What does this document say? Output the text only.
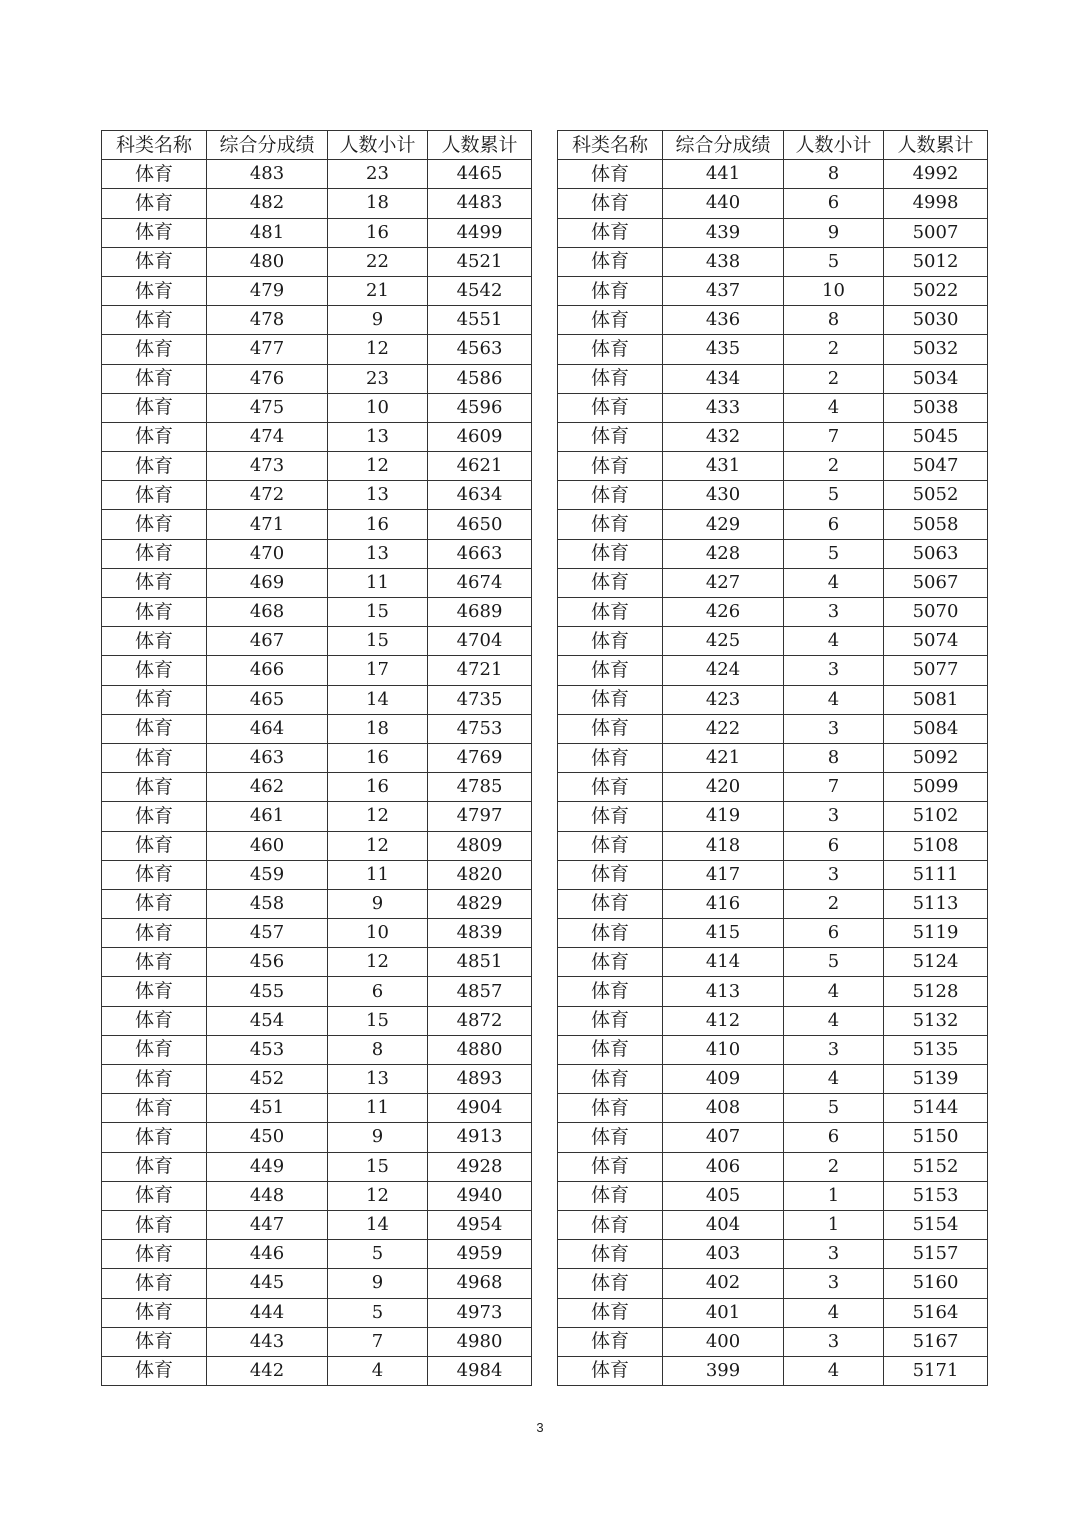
科类名称	综合分成绩	人数小计	人数累计
体育	483	23	4465
体育	482	18	4483
体育	481	16	4499
体育	480	22	4521
体育	479	21	4542
体育	478	9	4551
体育	477	12	4563
体育	476	23	4586
体育	475	10	4596
体育	474	13	4609
体育	473	12	4621
体育	472	13	4634
体育	471	16	4650
体育	470	13	4663
体育	469	11	4674
体育	468	15	4689
体育	467	15	4704
体育	466	17	4721
体育	465	14	4735
体育	464	18	4753
体育	463	16	4769
体育	462	16	4785
体育	461	12	4797
体育	460	12	4809
体育	459	11	4820
体育	458	9	4829
体育	457	10	4839
体育	456	12	4851
体育	455	6	4857
体育	454	15	4872
体育	453	8	4880
体育	452	13	4893
体育	451	11	4904
体育	450	9	4913
体育	449	15	4928
体育	448	12	4940
体育	447	14	4954
体育	446	5	4959
体育	445	9	4968
体育	444	5	4973
体育	443	7	4980
体育	442	4	4984
科类名称	综合分成绩	人数小计	人数累计
体育	441	8	4992
体育	440	6	4998
体育	439	9	5007
体育	438	5	5012
体育	437	10	5022
体育	436	8	5030
体育	435	2	5032
体育	434	2	5034
体育	433	4	5038
体育	432	7	5045
体育	431	2	5047
体育	430	5	5052
体育	429	6	5058
体育	428	5	5063
体育	427	4	5067
体育	426	3	5070
体育	425	4	5074
体育	424	3	5077
体育	423	4	5081
体育	422	3	5084
体育	421	8	5092
体育	420	7	5099
体育	419	3	5102
体育	418	6	5108
体育	417	3	5111
体育	416	2	5113
体育	415	6	5119
体育	414	5	5124
体育	413	4	5128
体育	412	4	5132
体育	410	3	5135
体育	409	4	5139
体育	408	5	5144
体育	407	6	5150
体育	406	2	5152
体育	405	1	5153
体育	404	1	5154
体育	403	3	5157
体育	402	3	5160
体育	401	4	5164
体育	400	3	5167
体育	399	4	5171
3
